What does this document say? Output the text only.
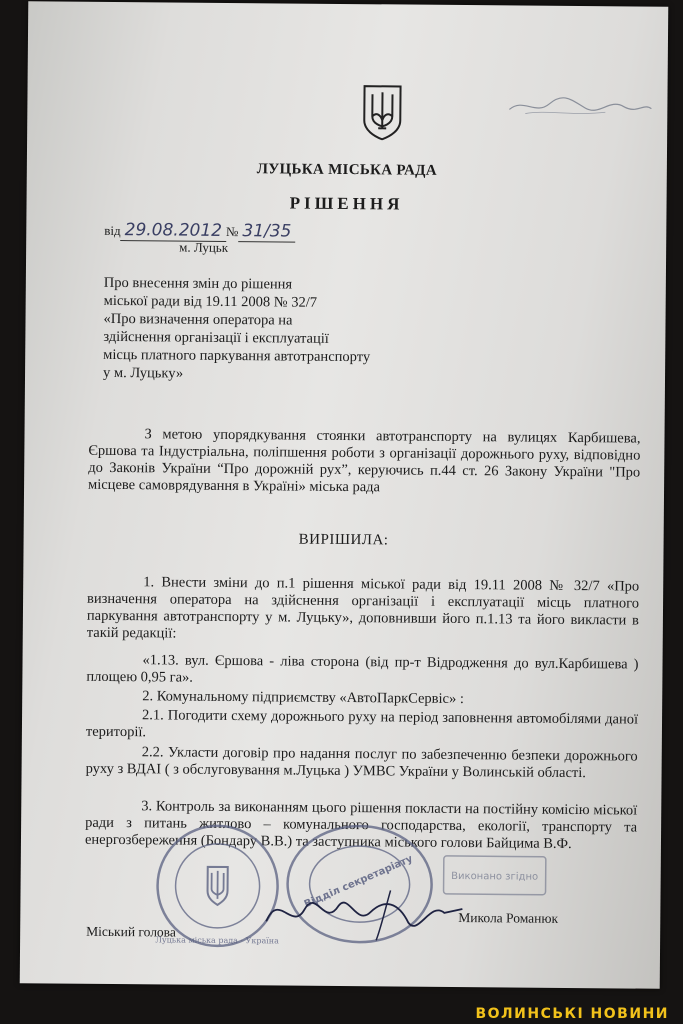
ЛУЦЬКА МІСЬКА РАДА
РІШЕННЯ
від 29.08.2012 № 31/35
м. Луцьк
Про внесення змін до рішення
міської ради від 19.11 2008 № 32/7
«Про визначення оператора на
здійснення організації і експлуатації
місць платного паркування автотранспорту
у м. Луцьку»
З метою упорядкування стоянки автотранспорту на вулицях Карбишева, Єршова та Індустріальна, поліпшення роботи з організації дорожнього руху, відповідно до Законів України “Про дорожній рух”, керуючись п.44 ст. 26 Закону України "Про місцеве самоврядування в Україні» міська рада
ВИРІШИЛА:
1. Внести зміни до п.1 рішення міської ради від 19.11 2008 № 32/7 «Про визначення оператора на здійснення організації і експлуатації місць платного паркування автотранспорту у м. Луцьку», доповнивши його п.1.13 та його викласти в такій редакції:
«1.13. вул. Єршова - ліва сторона (від пр-т Відродження до вул.Карбишева ) площею 0,95 га».
2. Комунальному підприємству «АвтоПаркСервіс» :
2.1. Погодити схему дорожнього руху на період заповнення автомобілями даної території.
2.2. Укласти договір про надання послуг по забезпеченню безпеки дорожнього руху з ВДАІ ( з обслуговування м.Луцька ) УМВС України у Волинській області.
3. Контроль за виконанням цього рішення покласти на постійну комісію міської ради з питань житлово – комунального господарства, екології, транспорту та енергозбереження (Бондару В.В.) та заступника міського голови Байцима В.Ф.
Виконано згідно
Луцька міська рада · Україна
Відділ секретаріату
Микола Романюк
Міський голова
ВОЛИНСЬКІ НОВИНИ
